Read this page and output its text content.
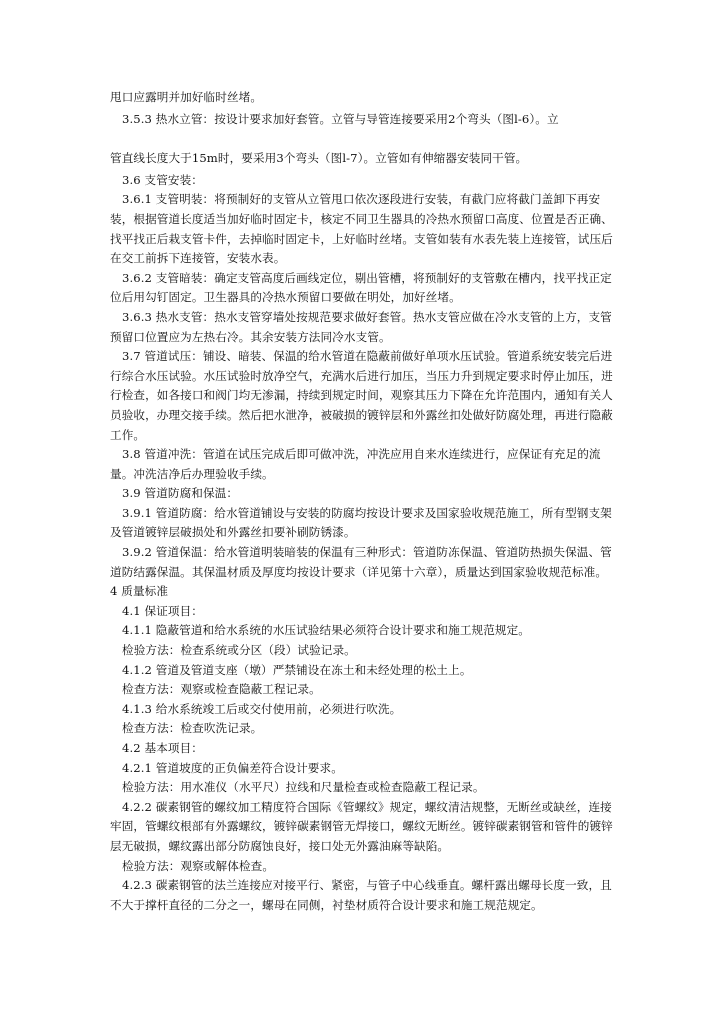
甩口应露明并加好临时丝堵。

3.5.3 热水立管：按设计要求加好套管。立管与导管连接要采用2个弯头（图l-6）。立

管直线长度大于15m时，要采用3个弯头（图l-7）。立管如有伸缩器安装同干管。

3.6 支管安装：

3.6.1 支管明装：将预制好的支管从立管甩口依次逐段进行安装，有截门应将截门盖卸下再安装，根据管道长度适当加好临时固定卡，核定不同卫生器具的冷热水预留口高度、位置是否正确、找平找正后栽支管卡件，去掉临时固定卡，上好临时丝堵。支管如装有水表先装上连接管，试压后在交工前拆下连接管，安装水表。

3.6.2 支管暗装：确定支管高度后画线定位，剔出管槽，将预制好的支管敷在槽内，找平找正定位后用勾钉固定。卫生器具的冷热水预留口要做在明处，加好丝堵。

3.6.3 热水支管：热水支管穿墙处按规范要求做好套管。热水支管应做在冷水支管的上方，支管预留口位置应为左热右冷。其余安装方法同冷水支管。

3.7 管道试压：铺设、暗装、保温的给水管道在隐蔽前做好单项水压试验。管道系统安装完后进行综合水压试验。水压试验时放净空气，充满水后进行加压，当压力升到规定要求时停止加压，进行检查，如各接口和阀门均无渗漏，持续到规定时间，观察其压力下降在允许范围内，通知有关人员验收，办理交接手续。然后把水泄净，被破损的镀锌层和外露丝扣处做好防腐处理，再进行隐蔽工作。

3.8 管道冲洗：管道在试压完成后即可做冲洗，冲洗应用自来水连续进行，应保证有充足的流量。冲洗洁净后办理验收手续。

3.9 管道防腐和保温：

3.9.1 管道防腐：给水管道铺设与安装的防腐均按设计要求及国家验收规范施工，所有型钢支架及管道镀锌层破损处和外露丝扣要补刷防锈漆。

3.9.2 管道保温：给水管道明装暗装的保温有三种形式：管道防冻保温、管道防热损失保温、管道防结露保温。其保温材质及厚度均按设计要求（详见第十六章），质量达到国家验收规范标准。

4 质量标准

4.1 保证项目：

4.1.1 隐蔽管道和给水系统的水压试验结果必须符合设计要求和施工规范规定。

检验方法：检查系统或分区（段）试验记录。

4.1.2 管道及管道支座（墩）严禁铺设在冻土和未经处理的松土上。

检查方法：观察或检查隐蔽工程记录。

4.1.3 给水系统竣工后或交付使用前，必须进行吹洗。

检查方法：检查吹洗记录。

4.2 基本项目：

4.2.1 管道坡度的正负偏差符合设计要求。

检验方法：用水准仪（水平尺）拉线和尺量检查或检查隐蔽工程记录。

4.2.2 碳素钢管的螺纹加工精度符合国际《管螺纹》规定，螺纹清洁规整，无断丝或缺丝，连接牢固，管螺纹根部有外露螺纹，镀锌碳素钢管无焊接口，螺纹无断丝。镀锌碳素钢管和管件的镀锌层无破损，螺纹露出部分防腐蚀良好，接口处无外露油麻等缺陷。

检验方法：观察或解体检查。

4.2.3 碳素钢管的法兰连接应对接平行、紧密，与管子中心线垂直。螺杆露出螺母长度一致，且不大于撑杆直径的二分之一，螺母在同侧，衬垫材质符合设计要求和施工规范规定。
